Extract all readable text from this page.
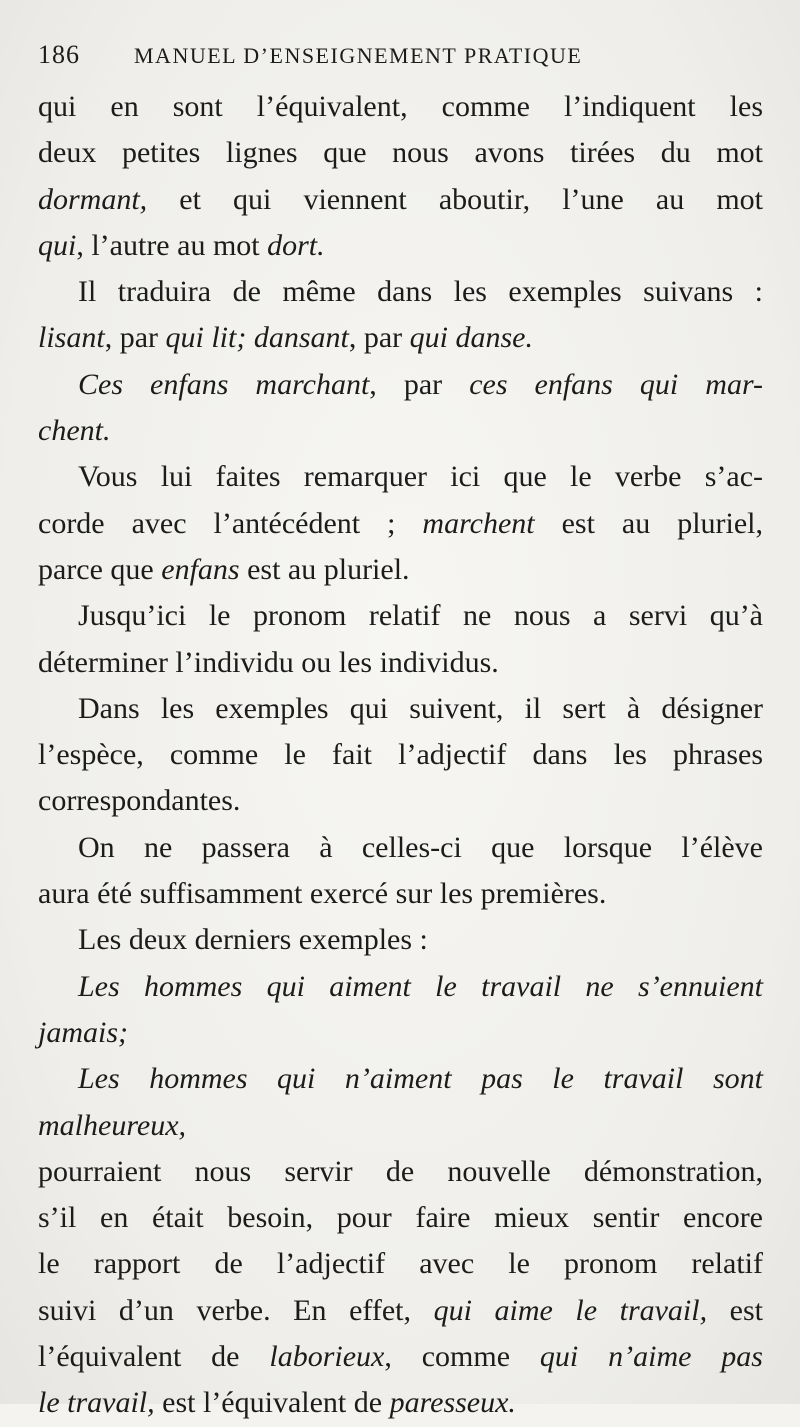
186 MANUEL D’ENSEIGNEMENT PRATIQUE
qui en sont l’équivalent, comme l’indiquent les
deux petites lignes que nous avons tirées du mot
dormant, et qui viennent aboutir, l’une au mot
qui, l’autre au mot dort.
Il traduira de même dans les exemples suivans :
lisant, par qui lit; dansant, par qui danse.
Ces enfans marchant, par ces enfans qui mar-
chent.
Vous lui faites remarquer ici que le verbe s’ac-
corde avec l’antécédent ; marchent est au pluriel,
parce que enfans est au pluriel.
Jusqu’ici le pronom relatif ne nous a servi qu’à
déterminer l’individu ou les individus.
Dans les exemples qui suivent, il sert à désigner
l’espèce, comme le fait l’adjectif dans les phrases
correspondantes.
On ne passera à celles-ci que lorsque l’élève
aura été suffisamment exercé sur les premières.
Les deux derniers exemples :
Les hommes qui aiment le travail ne s’ennuient
jamais;
Les hommes qui n’aiment pas le travail sont
malheureux,
pourraient nous servir de nouvelle démonstration,
s’il en était besoin, pour faire mieux sentir encore
le rapport de l’adjectif avec le pronom relatif
suivi d’un verbe. En effet, qui aime le travail, est
l’équivalent de laborieux, comme qui n’aime pas
le travail, est l’équivalent de paresseux.
